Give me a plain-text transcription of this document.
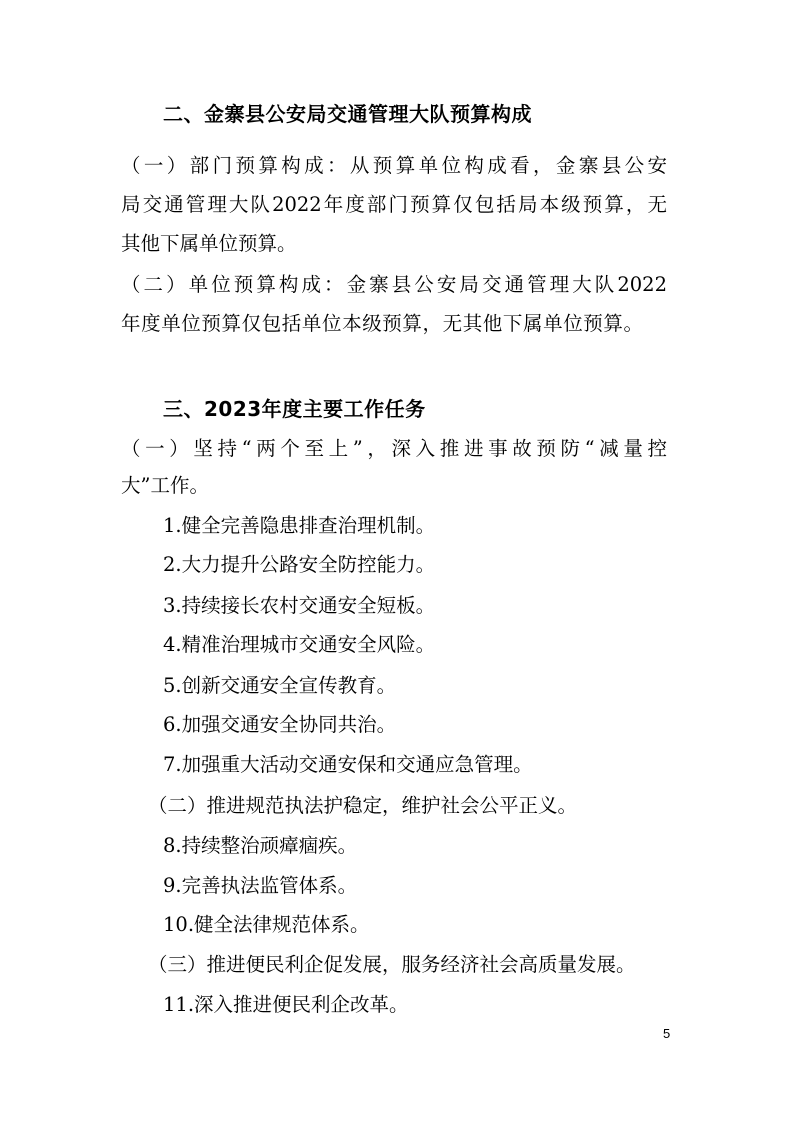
二、金寨县公安局交通管理大队预算构成
（一）部门预算构成：从预算单位构成看，金寨县公安
局交通管理大队2022年度部门预算仅包括局本级预算，无
其他下属单位预算。
（二）单位预算构成：金寨县公安局交通管理大队2022
年度单位预算仅包括单位本级预算，无其他下属单位预算。
三、2023年度主要工作任务
（一）坚持“两个至上”，深入推进事故预防“减量控
大”工作。
1.健全完善隐患排查治理机制。
2.大力提升公路安全防控能力。
3.持续接长农村交通安全短板。
4.精准治理城市交通安全风险。
5.创新交通安全宣传教育。
6.加强交通安全协同共治。
7.加强重大活动交通安保和交通应急管理。
（二）推进规范执法护稳定，维护社会公平正义。
8.持续整治顽瘴痼疾。
9.完善执法监管体系。
10.健全法律规范体系。
（三）推进便民利企促发展，服务经济社会高质量发展。
11.深入推进便民利企改革。
5
